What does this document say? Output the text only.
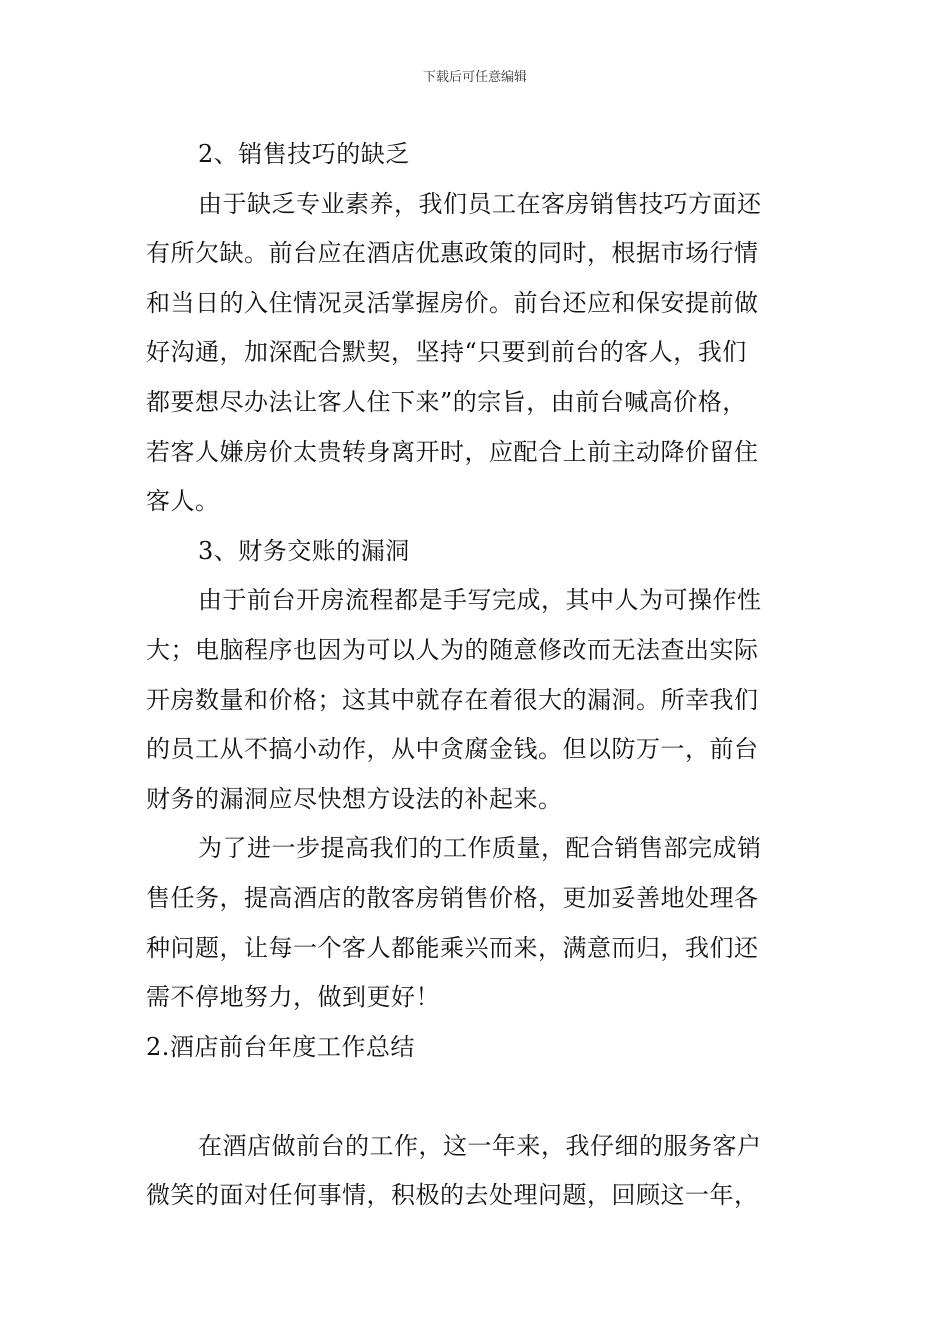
下载后可任意编辑
2、销售技巧的缺乏
由于缺乏专业素养，我们员工在客房销售技巧方面还
有所欠缺。前台应在酒店优惠政策的同时，根据市场行情
和当日的入住情况灵活掌握房价。前台还应和保安提前做
好沟通，加深配合默契，坚持“只要到前台的客人，我们
都要想尽办法让客人住下来”的宗旨，由前台喊高价格，
若客人嫌房价太贵转身离开时，应配合上前主动降价留住
客人。
3、财务交账的漏洞
由于前台开房流程都是手写完成，其中人为可操作性
大；电脑程序也因为可以人为的随意修改而无法查出实际
开房数量和价格；这其中就存在着很大的漏洞。所幸我们
的员工从不搞小动作，从中贪腐金钱。但以防万一，前台
财务的漏洞应尽快想方设法的补起来。
为了进一步提高我们的工作质量，配合销售部完成销
售任务，提高酒店的散客房销售价格，更加妥善地处理各
种问题，让每一个客人都能乘兴而来，满意而归，我们还
需不停地努力，做到更好！
2.酒店前台年度工作总结
在酒店做前台的工作，这一年来，我仔细的服务客户
微笑的面对任何事情，积极的去处理问题，回顾这一年，
